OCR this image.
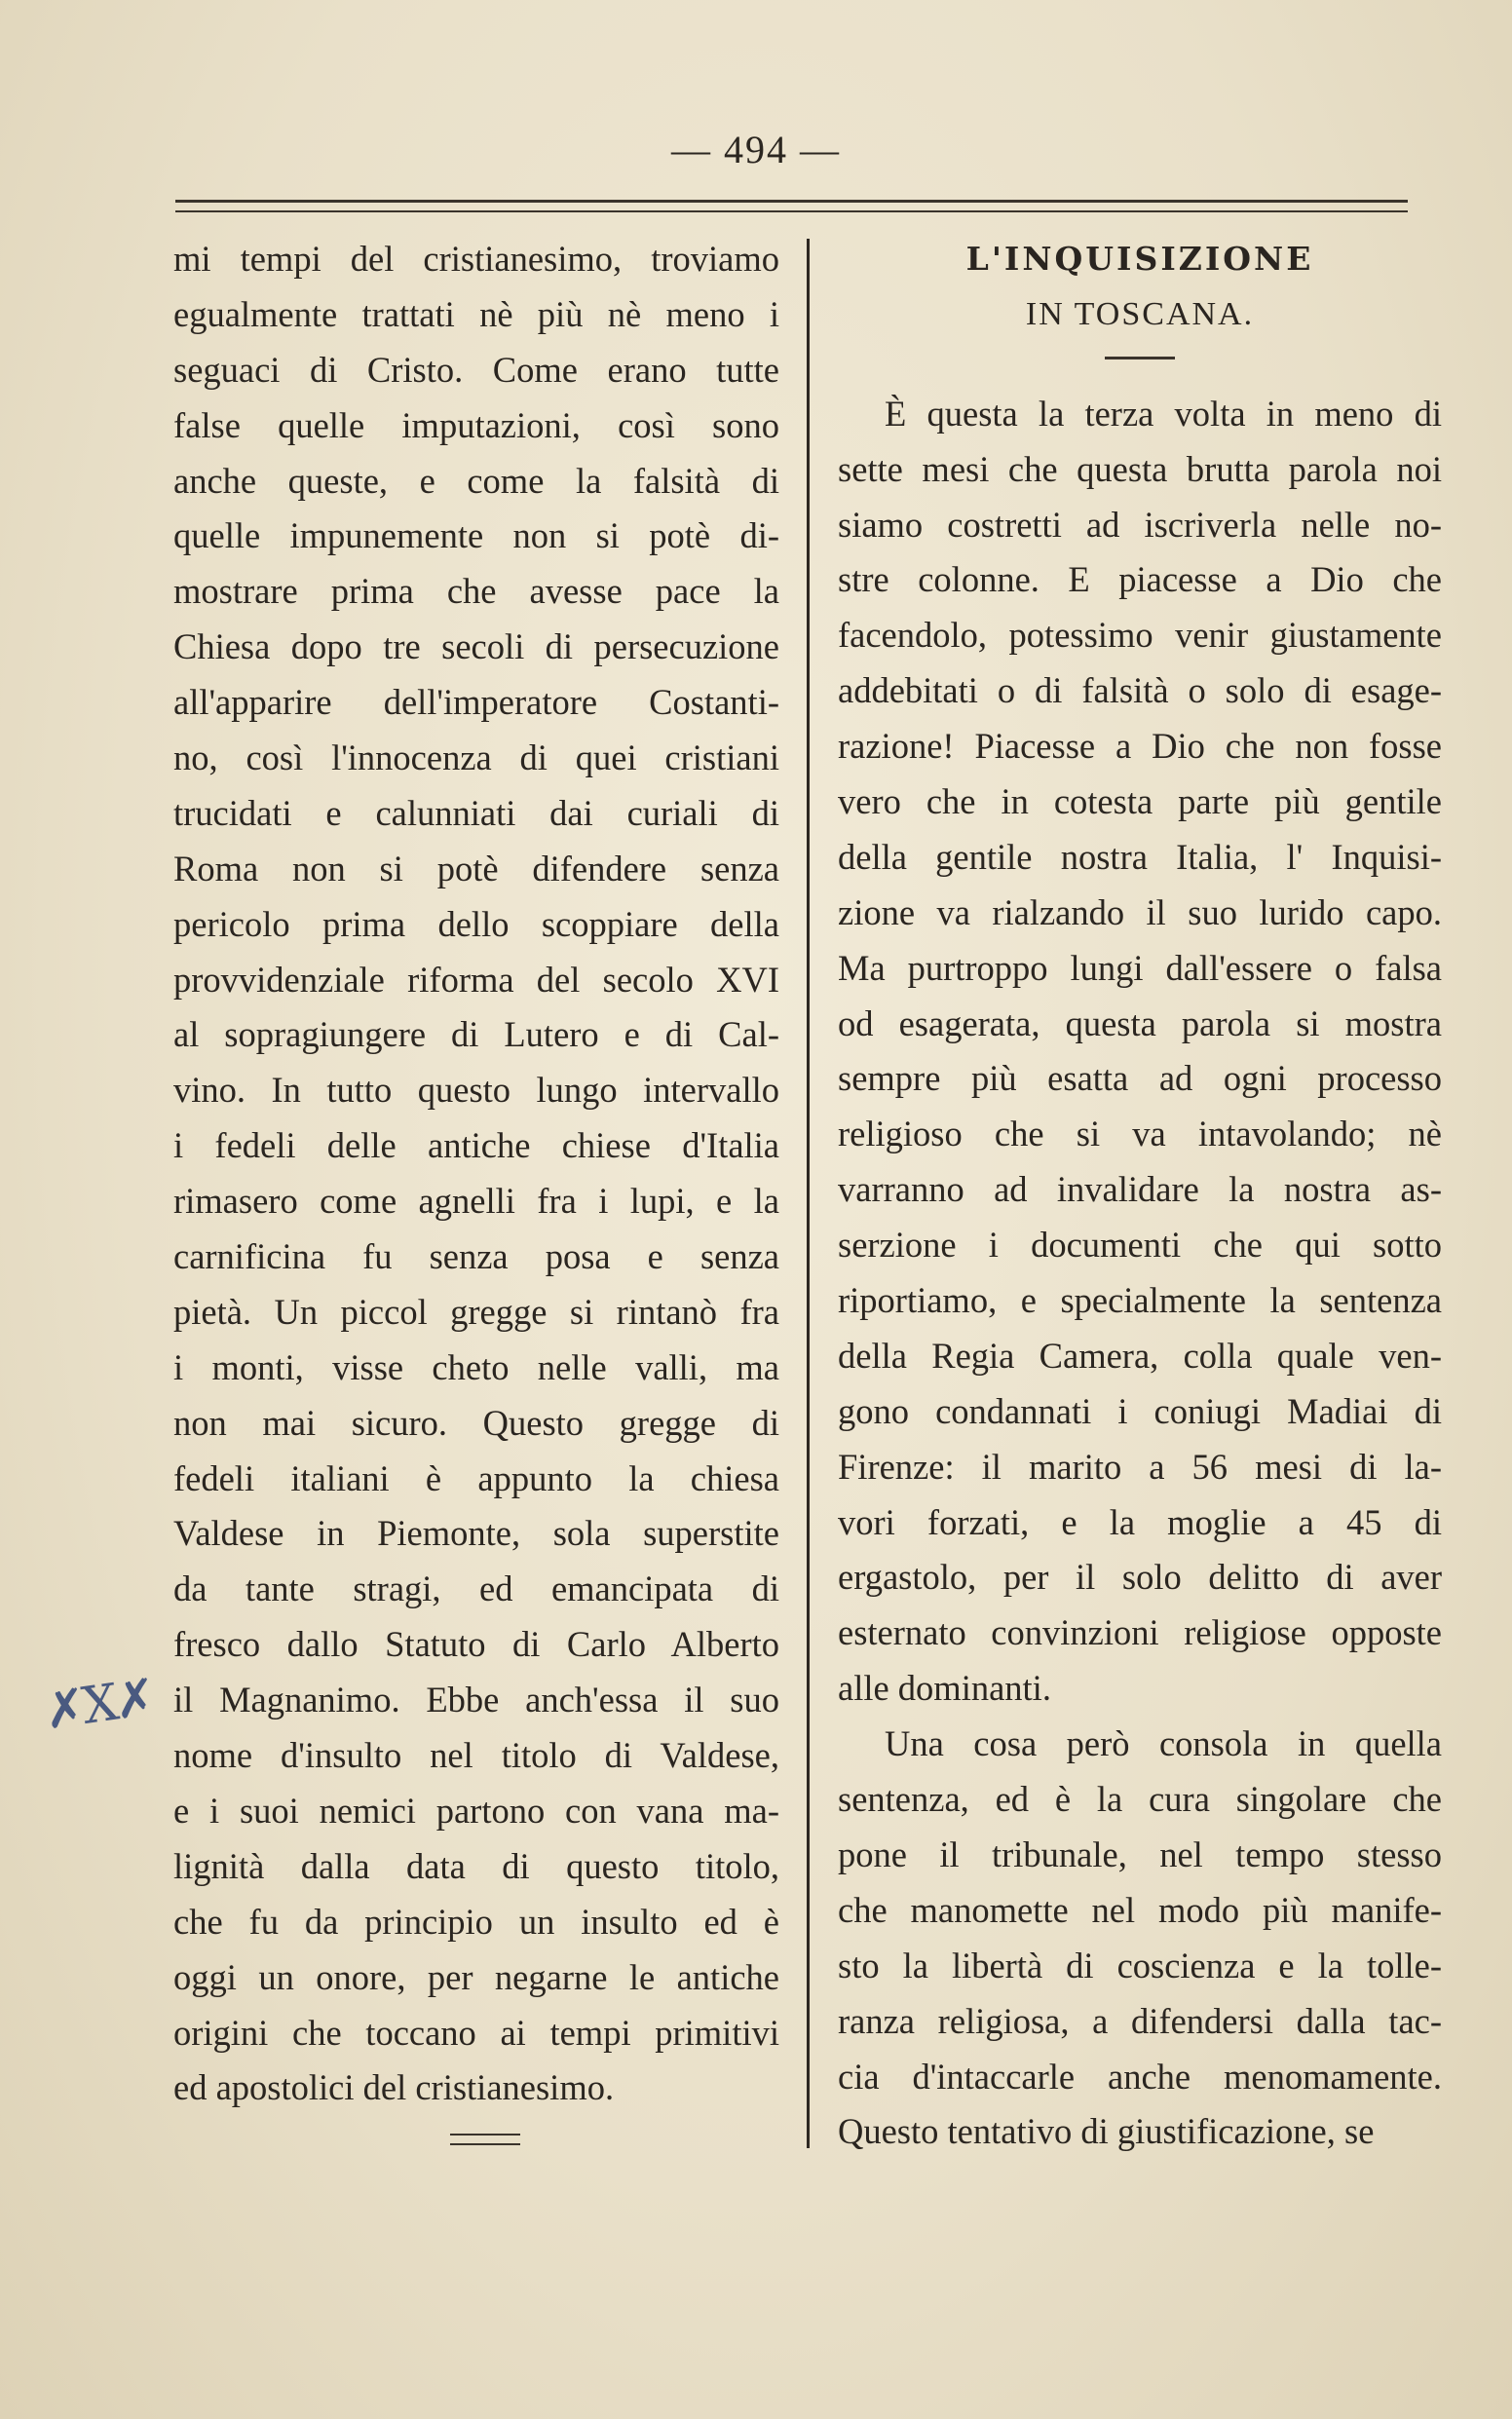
— 494 —
mi tempi del cristianesimo, troviamo
egualmente trattati nè più nè meno i
seguaci di Cristo. Come erano tutte
false quelle imputazioni, così sono
anche queste, e come la falsità di
quelle impunemente non si potè di-
mostrare prima che avesse pace la
Chiesa dopo tre secoli di persecuzione
all'apparire dell'imperatore Costanti-
no, così l'innocenza di quei cristiani
trucidati e calunniati dai curiali di
Roma non si potè difendere senza
pericolo prima dello scoppiare della
provvidenziale riforma del secolo XVI
al sopragiungere di Lutero e di Cal-
vino. In tutto questo lungo intervallo
i fedeli delle antiche chiese d'Italia
rimasero come agnelli fra i lupi, e la
carnificina fu senza posa e senza
pietà. Un piccol gregge si rintanò fra
i monti, visse cheto nelle valli, ma
non mai sicuro. Questo gregge di
fedeli italiani è appunto la chiesa
Valdese in Piemonte, sola superstite
da tante stragi, ed emancipata di
fresco dallo Statuto di Carlo Alberto
il Magnanimo. Ebbe anch'essa il suo
nome d'insulto nel titolo di Valdese,
e i suoi nemici partono con vana ma-
lignità dalla data di questo titolo,
che fu da principio un insulto ed è
oggi un onore, per negarne le antiche
origini che toccano ai tempi primitivi
ed apostolici del cristianesimo.
L'INQUISIZIONE
IN TOSCANA.
È questa la terza volta in meno di
sette mesi che questa brutta parola noi
siamo costretti ad iscriverla nelle no-
stre colonne. E piacesse a Dio che
facendolo, potessimo venir giustamente
addebitati o di falsità o solo di esage-
razione! Piacesse a Dio che non fosse
vero che in cotesta parte più gentile
della gentile nostra Italia, l' Inquisi-
zione va rialzando il suo lurido capo.
Ma purtroppo lungi dall'essere o falsa
od esagerata, questa parola si mostra
sempre più esatta ad ogni processo
religioso che si va intavolando; nè
varranno ad invalidare la nostra as-
serzione i documenti che qui sotto
riportiamo, e specialmente la sentenza
della Regia Camera, colla quale ven-
gono condannati i coniugi Madiai di
Firenze: il marito a 56 mesi di la-
vori forzati, e la moglie a 45 di
ergastolo, per il solo delitto di aver
esternato convinzioni religiose opposte
alle dominanti.
Una cosa però consola in quella
sentenza, ed è la cura singolare che
pone il tribunale, nel tempo stesso
che manomette nel modo più manife-
sto la libertà di coscienza e la tolle-
ranza religiosa, a difendersi dalla tac-
cia d'intaccarle anche menomamente.
Questo tentativo di giustificazione, se
✗X✗
